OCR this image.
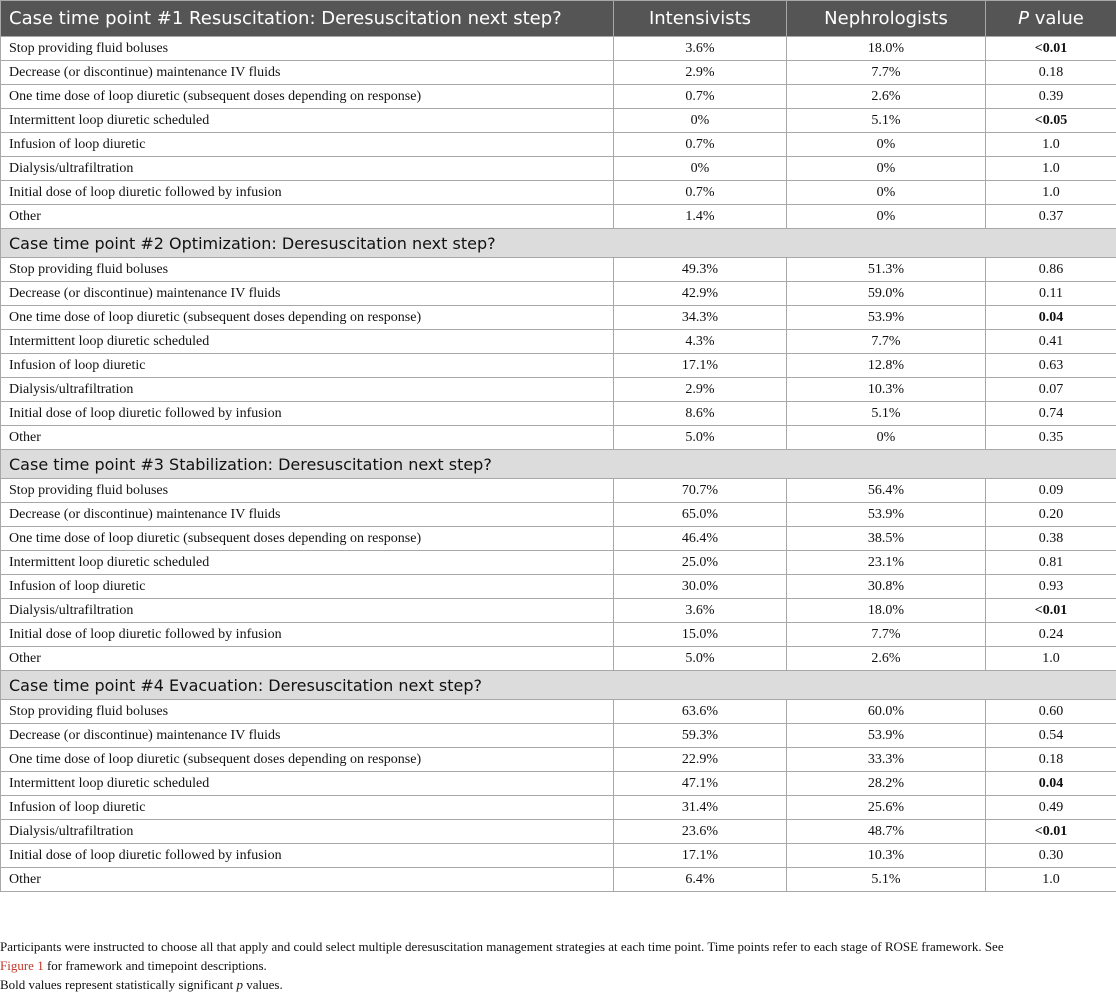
Case time point #1 Resuscitation: Deresuscitation next step?	Intensivists	Nephrologists	P value
Stop providing fluid boluses	3.6%	18.0%	<0.01
Decrease (or discontinue) maintenance IV fluids	2.9%	7.7%	0.18
One time dose of loop diuretic (subsequent doses depending on response)	0.7%	2.6%	0.39
Intermittent loop diuretic scheduled	0%	5.1%	<0.05
Infusion of loop diuretic	0.7%	0%	1.0
Dialysis/ultrafiltration	0%	0%	1.0
Initial dose of loop diuretic followed by infusion	0.7%	0%	1.0
Other	1.4%	0%	0.37
Case time point #2 Optimization: Deresuscitation next step?			
Stop providing fluid boluses	49.3%	51.3%	0.86
Decrease (or discontinue) maintenance IV fluids	42.9%	59.0%	0.11
One time dose of loop diuretic (subsequent doses depending on response)	34.3%	53.9%	0.04
Intermittent loop diuretic scheduled	4.3%	7.7%	0.41
Infusion of loop diuretic	17.1%	12.8%	0.63
Dialysis/ultrafiltration	2.9%	10.3%	0.07
Initial dose of loop diuretic followed by infusion	8.6%	5.1%	0.74
Other	5.0%	0%	0.35
Case time point #3 Stabilization: Deresuscitation next step?			
Stop providing fluid boluses	70.7%	56.4%	0.09
Decrease (or discontinue) maintenance IV fluids	65.0%	53.9%	0.20
One time dose of loop diuretic (subsequent doses depending on response)	46.4%	38.5%	0.38
Intermittent loop diuretic scheduled	25.0%	23.1%	0.81
Infusion of loop diuretic	30.0%	30.8%	0.93
Dialysis/ultrafiltration	3.6%	18.0%	<0.01
Initial dose of loop diuretic followed by infusion	15.0%	7.7%	0.24
Other	5.0%	2.6%	1.0
Case time point #4 Evacuation: Deresuscitation next step?			
Stop providing fluid boluses	63.6%	60.0%	0.60
Decrease (or discontinue) maintenance IV fluids	59.3%	53.9%	0.54
One time dose of loop diuretic (subsequent doses depending on response)	22.9%	33.3%	0.18
Intermittent loop diuretic scheduled	47.1%	28.2%	0.04
Infusion of loop diuretic	31.4%	25.6%	0.49
Dialysis/ultrafiltration	23.6%	48.7%	<0.01
Initial dose of loop diuretic followed by infusion	17.1%	10.3%	0.30
Other	6.4%	5.1%	1.0

Participants were instructed to choose all that apply and could select multiple deresuscitation management strategies at each time point. Time points refer to each stage of ROSE framework. See
Figure 1 for framework and timepoint descriptions.

Bold values represent statistically significant p values.
